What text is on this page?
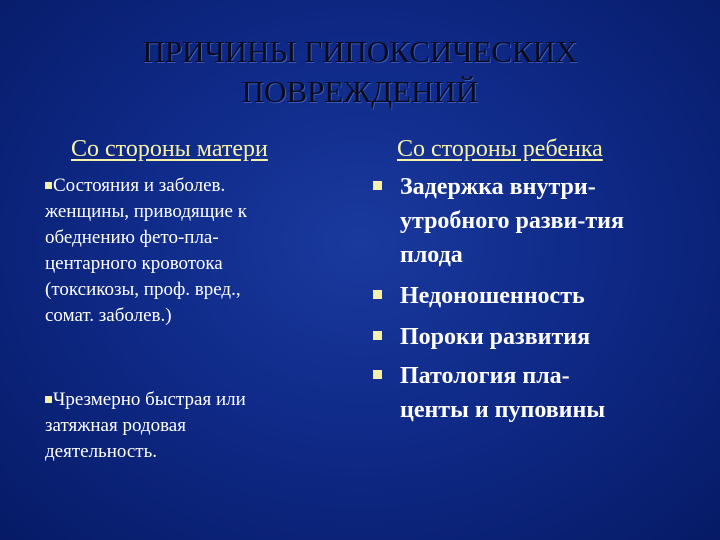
ПРИЧИНЫ ГИПОКСИЧЕСКИХ
ПОВРЕЖДЕНИЙ
Со стороны матери	Со стороны ребенка
Состояния и заболев.
женщины, приводящие к
обеднению фето-пла-
центарного кровотока
(токсикозы, проф. вред.,
сомат. заболев.)
Чрезмерно быстрая или
затяжная родовая
деятельность.
Задержка внутри-
утробного разви-тия
плода
Недоношенность
Пороки развития
Патология пла-
центы и пуповины
